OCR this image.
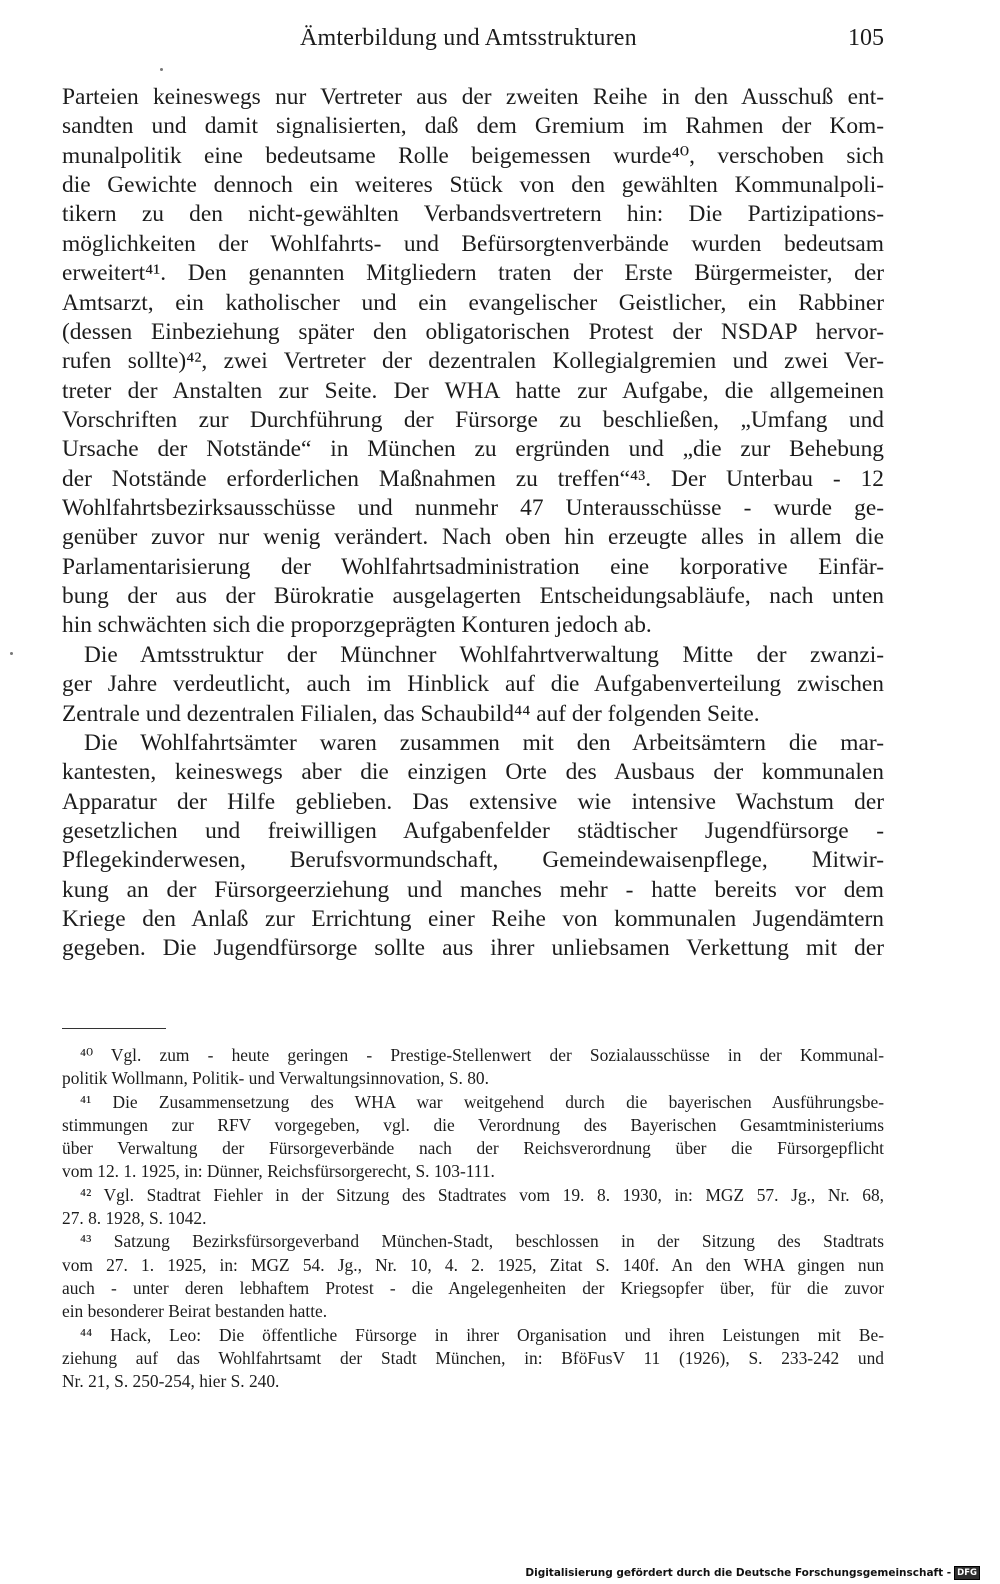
Ämterbildung und Amtsstrukturen	105
Parteien keineswegs nur Vertreter aus der zweiten Reihe in den Ausschuß ent-
sandten und damit signalisierten, daß dem Gremium im Rahmen der Kom-
munalpolitik eine bedeutsame Rolle beigemessen wurde⁴⁰, verschoben sich
die Gewichte dennoch ein weiteres Stück von den gewählten Kommunalpoli-
tikern zu den nicht-gewählten Verbandsvertretern hin: Die Partizipations-
möglichkeiten der Wohlfahrts- und Befürsorgtenverbände wurden bedeutsam
erweitert⁴¹. Den genannten Mitgliedern traten der Erste Bürgermeister, der
Amtsarzt, ein katholischer und ein evangelischer Geistlicher, ein Rabbiner
(dessen Einbeziehung später den obligatorischen Protest der NSDAP hervor-
rufen sollte)⁴², zwei Vertreter der dezentralen Kollegialgremien und zwei Ver-
treter der Anstalten zur Seite. Der WHA hatte zur Aufgabe, die allgemeinen
Vorschriften zur Durchführung der Fürsorge zu beschließen, „Umfang und
Ursache der Notstände“ in München zu ergründen und „die zur Behebung
der Notstände erforderlichen Maßnahmen zu treffen“⁴³. Der Unterbau - 12
Wohlfahrtsbezirksausschüsse und nunmehr 47 Unterausschüsse - wurde ge-
genüber zuvor nur wenig verändert. Nach oben hin erzeugte alles in allem die
Parlamentarisierung der Wohlfahrtsadministration eine korporative Einfär-
bung der aus der Bürokratie ausgelagerten Entscheidungsabläufe, nach unten
hin schwächten sich die proporzgeprägten Konturen jedoch ab.
Die Amtsstruktur der Münchner Wohlfahrtverwaltung Mitte der zwanzi-
ger Jahre verdeutlicht, auch im Hinblick auf die Aufgabenverteilung zwischen
Zentrale und dezentralen Filialen, das Schaubild⁴⁴ auf der folgenden Seite.
Die Wohlfahrtsämter waren zusammen mit den Arbeitsämtern die mar-
kantesten, keineswegs aber die einzigen Orte des Ausbaus der kommunalen
Apparatur der Hilfe geblieben. Das extensive wie intensive Wachstum der
gesetzlichen und freiwilligen Aufgabenfelder städtischer Jugendfürsorge -
Pflegekinderwesen, Berufsvormundschaft, Gemeindewaisenpflege, Mitwir-
kung an der Fürsorgeerziehung und manches mehr - hatte bereits vor dem
Kriege den Anlaß zur Errichtung einer Reihe von kommunalen Jugendämtern
gegeben. Die Jugendfürsorge sollte aus ihrer unliebsamen Verkettung mit der
⁴⁰ Vgl. zum - heute geringen - Prestige-Stellenwert der Sozialausschüsse in der Kommunal-
politik Wollmann, Politik- und Verwaltungsinnovation, S. 80.
⁴¹ Die Zusammensetzung des WHA war weitgehend durch die bayerischen Ausführungsbe-
stimmungen zur RFV vorgegeben, vgl. die Verordnung des Bayerischen Gesamtministeriums
über Verwaltung der Fürsorgeverbände nach der Reichsverordnung über die Fürsorgepflicht
vom 12. 1. 1925, in: Dünner, Reichsfürsorgerecht, S. 103-111.
⁴² Vgl. Stadtrat Fiehler in der Sitzung des Stadtrates vom 19. 8. 1930, in: MGZ 57. Jg., Nr. 68,
27. 8. 1928, S. 1042.
⁴³ Satzung Bezirksfürsorgeverband München-Stadt, beschlossen in der Sitzung des Stadtrats
vom 27. 1. 1925, in: MGZ 54. Jg., Nr. 10, 4. 2. 1925, Zitat S. 140f. An den WHA gingen nun
auch - unter deren lebhaftem Protest - die Angelegenheiten der Kriegsopfer über, für die zuvor
ein besonderer Beirat bestanden hatte.
⁴⁴ Hack, Leo: Die öffentliche Fürsorge in ihrer Organisation und ihren Leistungen mit Be-
ziehung auf das Wohlfahrtsamt der Stadt München, in: BföFusV 11 (1926), S. 233-242 und
Nr. 21, S. 250-254, hier S. 240.
Digitalisierung gefördert durch die Deutsche Forschungsgemeinschaft - DFG
